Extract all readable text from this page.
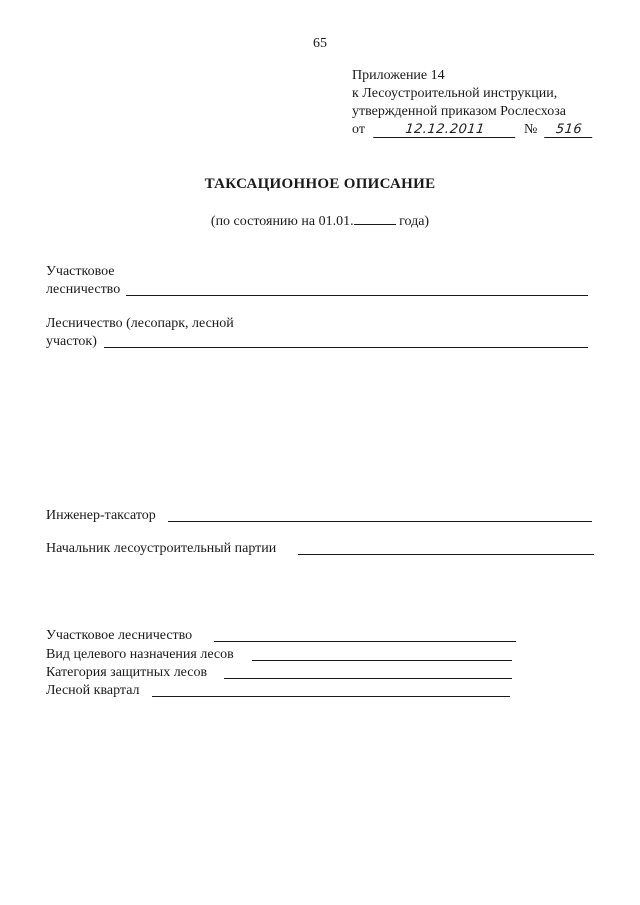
65
Приложение 14
к Лесоустроительной инструкции,
утвержденной приказом Рослесхоза
от	12.12.2011	№ 516
ТАКСАЦИОННОЕ ОПИСАНИЕ
(по состоянию на 01.01.	года)
Участковое
лесничество
Лесничество (лесопарк, лесной
участок)
Инженер-таксатор
Начальник лесоустроительный партии
Участковое лесничество
Вид целевого назначения лесов
Категория защитных лесов
Лесной квартал
